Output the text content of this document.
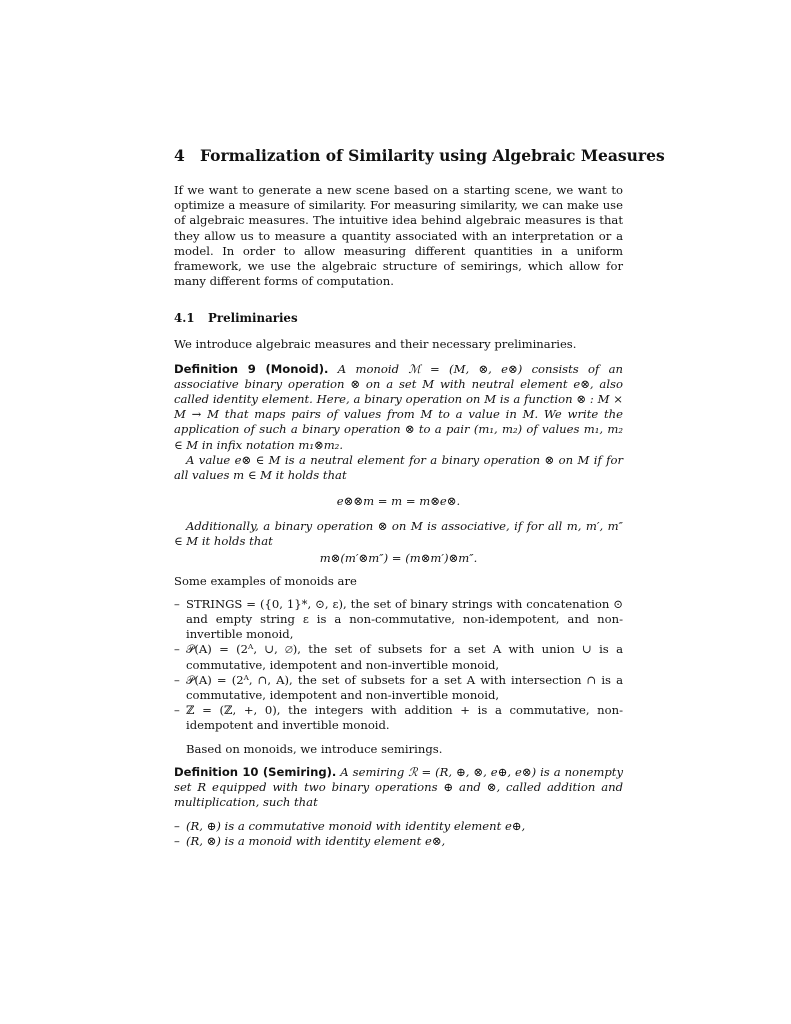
4 Formalization of Similarity using Algebraic Measures

If we want to generate a new scene based on a starting scene, we want to optimize a measure of similarity. For measuring similarity, we can make use of algebraic measures. The intuitive idea behind algebraic measures is that they allow us to measure a quantity associated with an interpretation or a model. In order to allow measuring different quantities in a uniform framework, we use the algebraic structure of semirings, which allow for many different forms of computation.

4.1 Preliminaries

We introduce algebraic measures and their necessary preliminaries.

Definition 9 (Monoid). A monoid ℳ = (M, ⊗, e⊗) consists of an associative binary operation ⊗ on a set M with neutral element e⊗, also called identity element. Here, a binary operation on M is a function ⊗ : M × M → M that maps pairs of values from M to a value in M. We write the application of such a binary operation ⊗ to a pair (m₁, m₂) of values m₁, m₂ ∈ M in infix notation m₁⊗m₂.

A value e⊗ ∈ M is a neutral element for a binary operation ⊗ on M if for all values m ∈ M it holds that

e⊗⊗m = m = m⊗e⊗.

Additionally, a binary operation ⊗ on M is associative, if for all m, m′, m″ ∈ M it holds that

m⊗(m′⊗m″) = (m⊗m′)⊗m″.

Some examples of monoids are

– STRINGS = ({0, 1}*, ⊙, ε), the set of binary strings with concatenation ⊙ and empty string ε is a non-commutative, non-idempotent, and non-invertible monoid,
– 𝒫(A) = (2ᴬ, ∪, ∅), the set of subsets for a set A with union ∪ is a commutative, idempotent and non-invertible monoid,
– 𝒫(A) = (2ᴬ, ∩, A), the set of subsets for a set A with intersection ∩ is a commutative, idempotent and non-invertible monoid,
– ℤ = (ℤ, +, 0), the integers with addition + is a commutative, non-idempotent and invertible monoid.

Based on monoids, we introduce semirings.

Definition 10 (Semiring). A semiring ℛ = (R, ⊕, ⊗, e⊕, e⊗) is a nonempty set R equipped with two binary operations ⊕ and ⊗, called addition and multiplication, such that

– (R, ⊕) is a commutative monoid with identity element e⊕,
– (R, ⊗) is a monoid with identity element e⊗,
